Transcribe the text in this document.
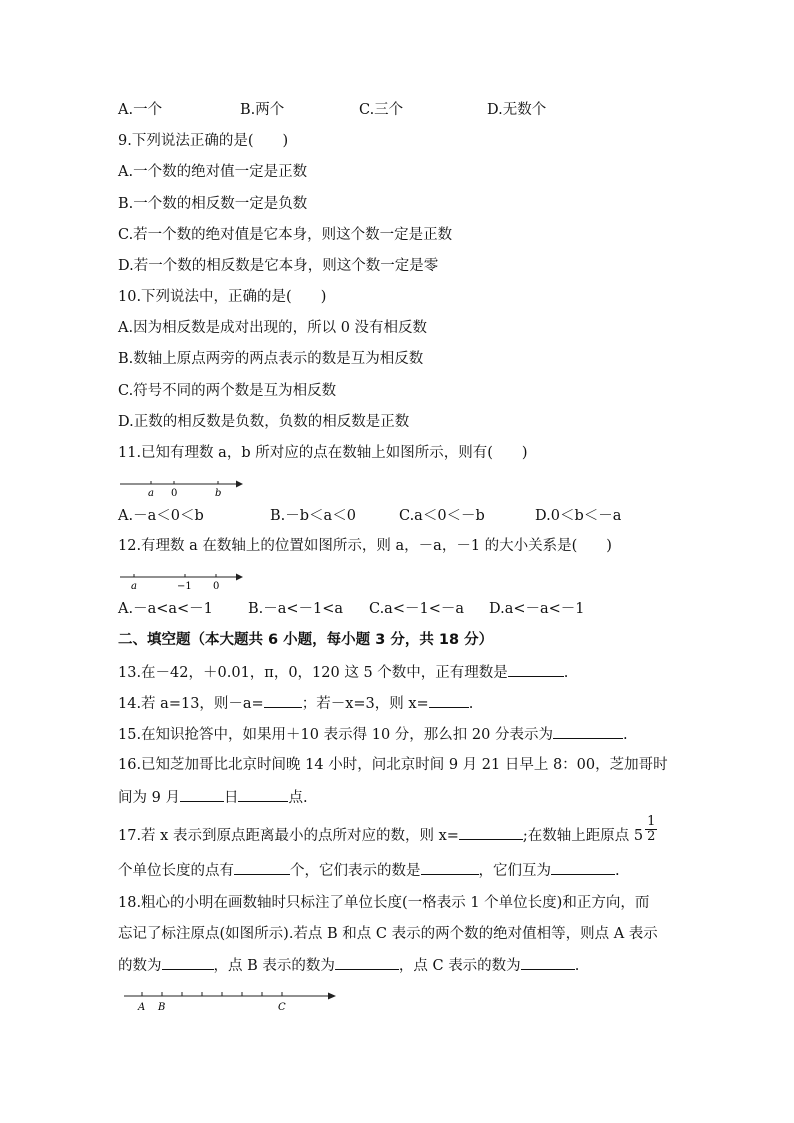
A.一个	B.两个	C.三个	D.无数个
9.下列说法正确的是(　　)
A.一个数的绝对值一定是正数
B.一个数的相反数一定是负数
C.若一个数的绝对值是它本身，则这个数一定是正数
D.若一个数的相反数是它本身，则这个数一定是零
10.下列说法中，正确的是(　　)
A.因为相反数是成对出现的，所以 0 没有相反数
B.数轴上原点两旁的两点表示的数是互为相反数
C.符号不同的两个数是互为相反数
D.正数的相反数是负数，负数的相反数是正数
11.已知有理数 a，b 所对应的点在数轴上如图所示，则有(　　)
a 0	b
A.－a＜0＜b	B.－b＜a＜0	C.a＜0＜－b	D.0＜b＜－a
12.有理数 a 在数轴上的位置如图所示，则 a，－a，－1 的大小关系是(　　)
a	−1 0
A.－a<a<－1 B.－a<－1<a C.a<－1<－a D.a<－a<－1
二、填空题（本大题共 6 小题，每小题 3 分，共 18 分）
13.在－42，＋0.01，π，0，120 这 5 个数中，正有理数是	.
14.若 a=13，则－a=	；若－x=3，则 x=	.
15.在知识抢答中，如果用＋10 表示得 10 分，那么扣 20 分表示为	.
16.已知芝加哥比北京时间晚 14 小时，问北京时间 9 月 21 日早上 8：00，芝加哥时
间为 9 月	日	点.
17.若 x 表示到原点距离最小的点所对应的数，则 x=	;在数轴上距原点 $5 \frac{1}{2}$
个单位长度的点有	个，它们表示的数是	，它们互为	.
18.粗心的小明在画数轴时只标注了单位长度(一格表示 1 个单位长度)和正方向，而
忘记了标注原点(如图所示).若点 B 和点 C 表示的两个数的绝对值相等，则点 A 表示
的数为	，点 B 表示的数为	，点 C 表示的数为	.
A B	C
